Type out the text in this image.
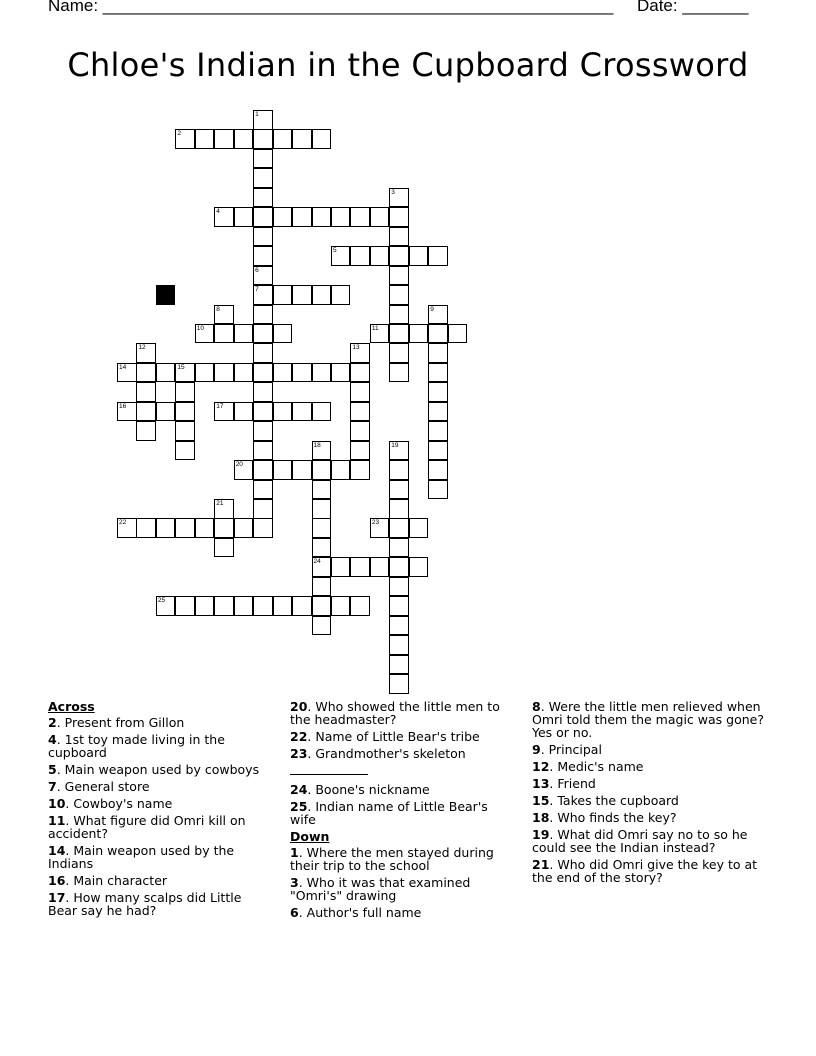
Name: ______________________________________________________ Date: _______
Chloe's Indian in the Cupboard Crossword
1
6
7
2
3
4
5
8	9
10	11
12	13
14	15
16	17
18
24
19
20
21
22	23
25
Across
2. Present from Gillon
4. 1st toy made living in the cupboard
5. Main weapon used by cowboys
7. General store
10. Cowboy's name
11. What figure did Omri kill on accident?
14. Main weapon used by the Indians
16. Main character
17. How many scalps did Little Bear say he had?
20. Who showed the little men to the headmaster?
22. Name of Little Bear's tribe
23. Grandmother's skeleton
24. Boone's nickname
25. Indian name of Little Bear's wife
Down
1. Where the men stayed during their trip to the school
3. Who it was that examined "Omri's" drawing
6. Author's full name
8. Were the little men relieved when Omri told them the magic was gone? Yes or no.
9. Principal
12. Medic's name
13. Friend
15. Takes the cupboard
18. Who finds the key?
19. What did Omri say no to so he could see the Indian instead?
21. Who did Omri give the key to at the end of the story?
